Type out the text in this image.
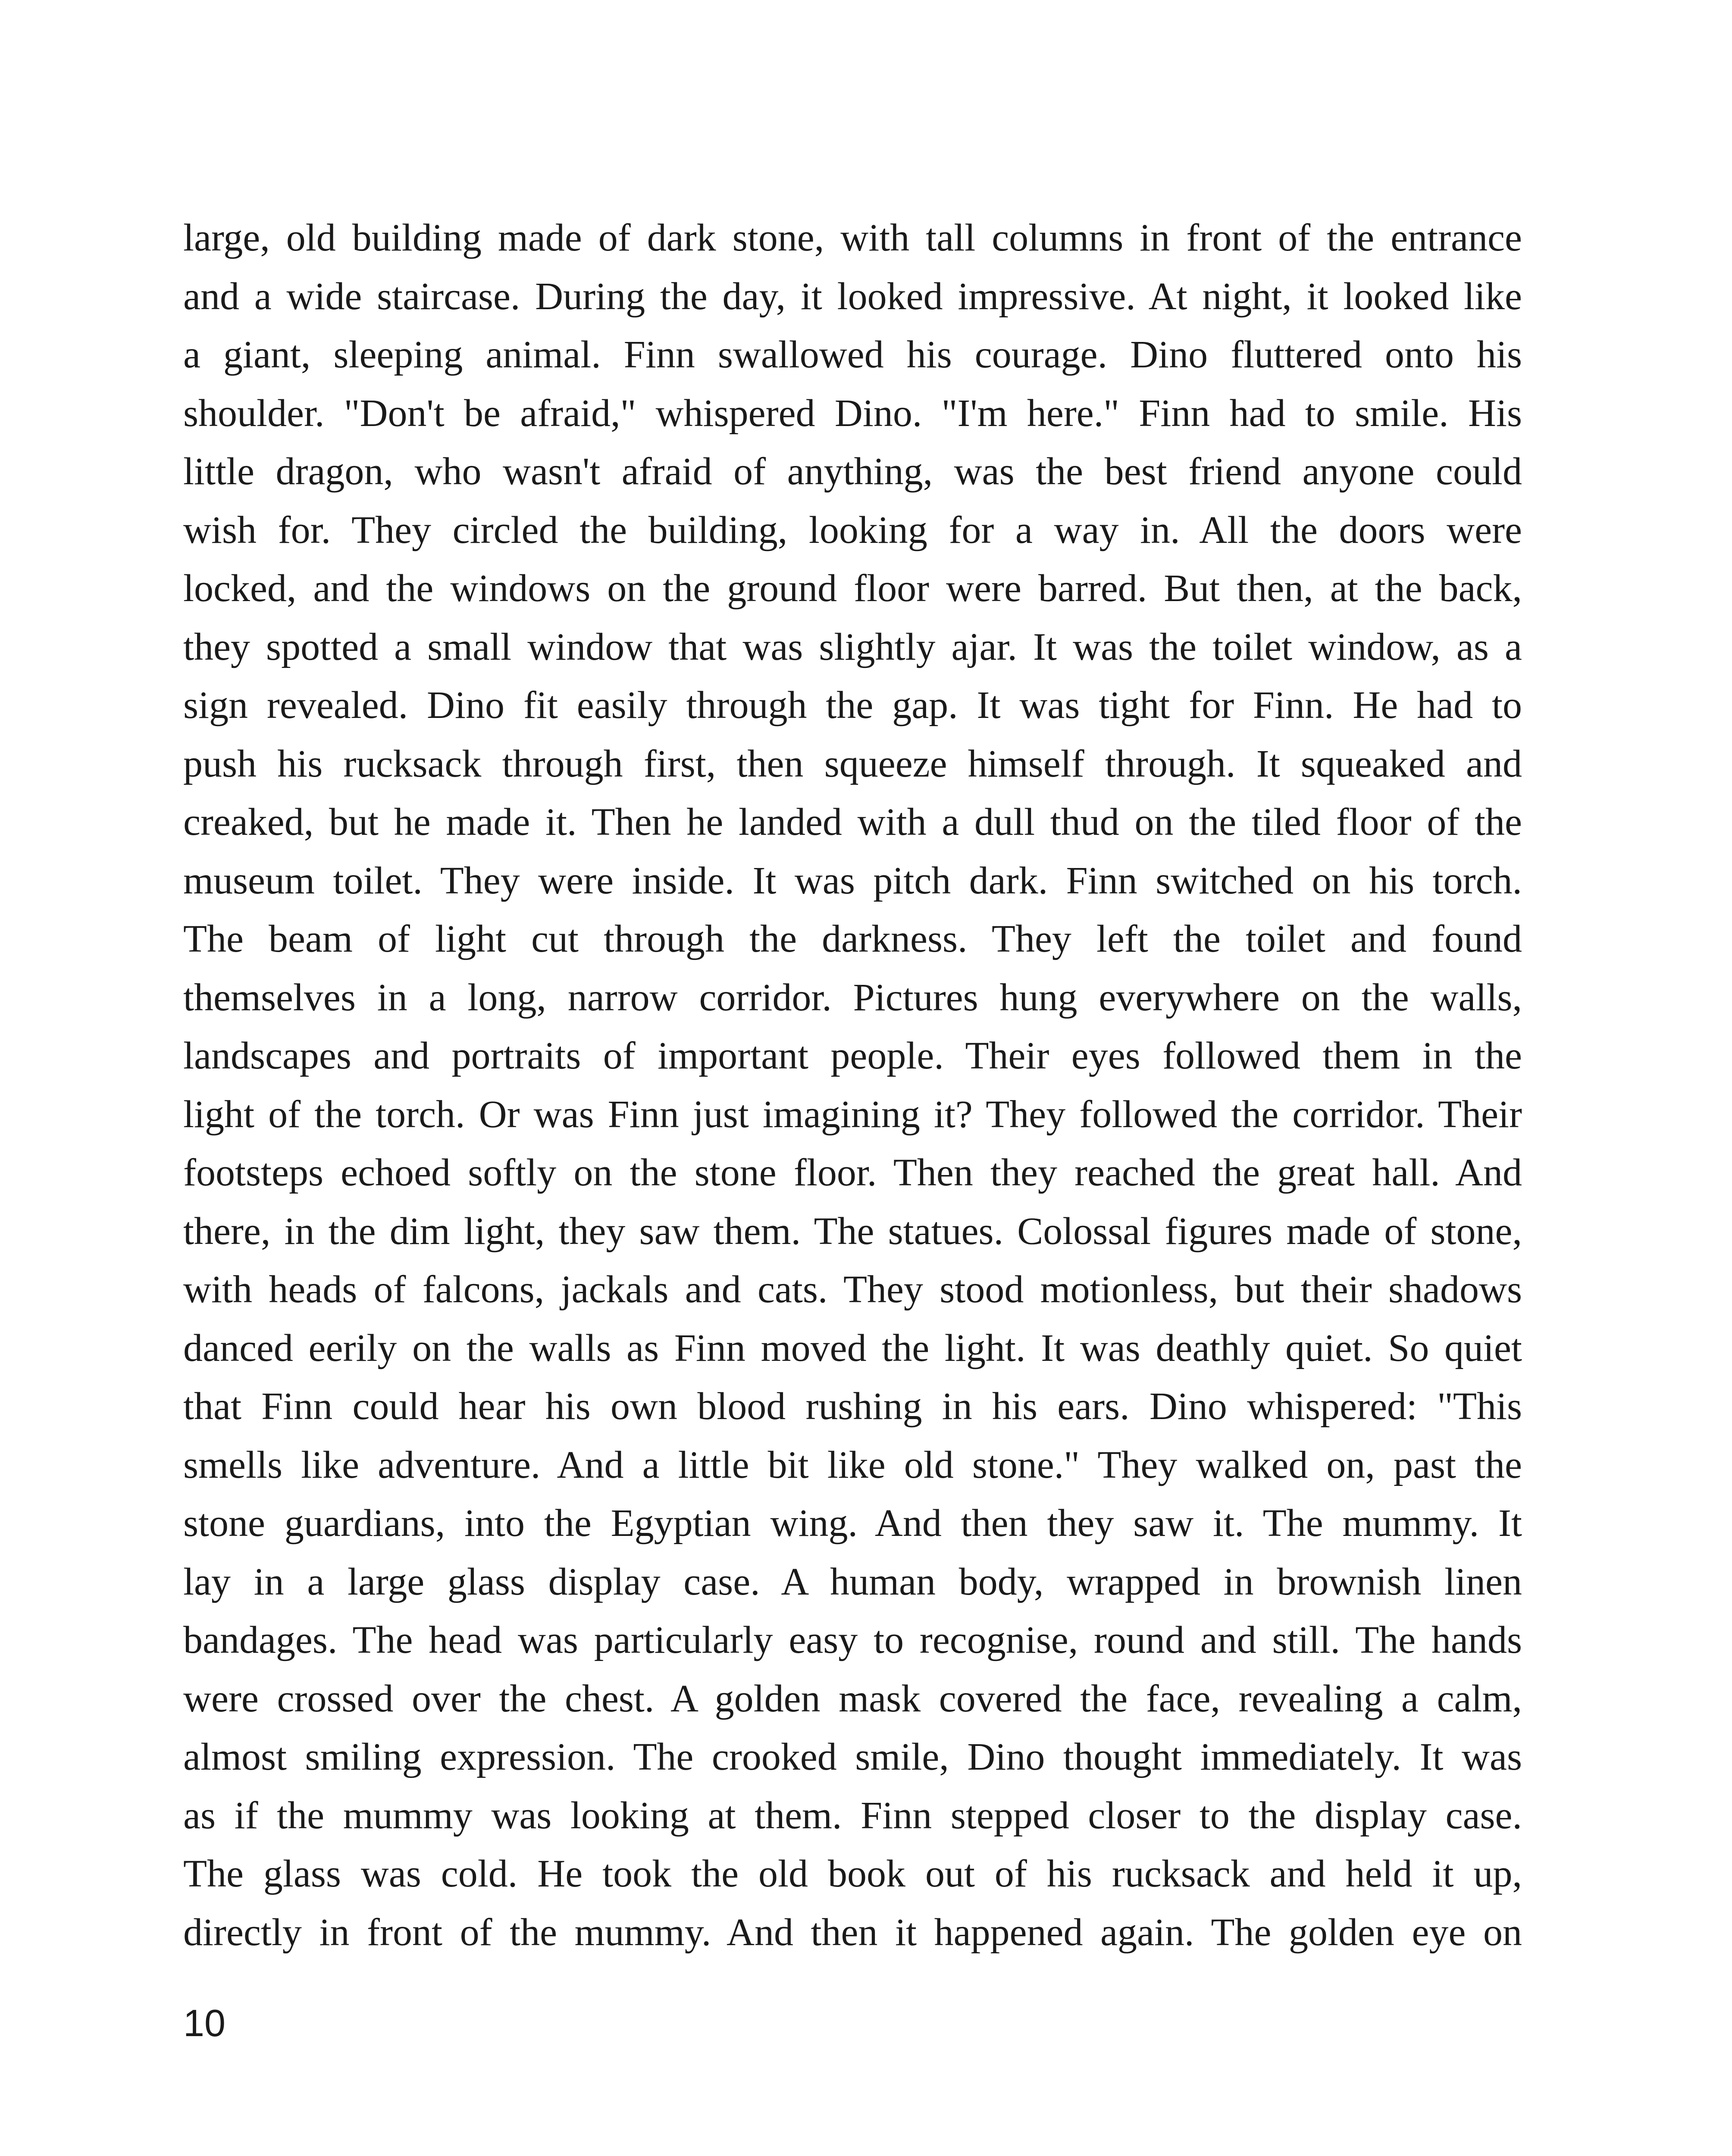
large, old building made of dark stone, with tall columns in front of the entrance
and a wide staircase. During the day, it looked impressive. At night, it looked like
a giant, sleeping animal. Finn swallowed his courage. Dino fluttered onto his
shoulder. "Don't be afraid," whispered Dino. "I'm here." Finn had to smile. His
little dragon, who wasn't afraid of anything, was the best friend anyone could
wish for. They circled the building, looking for a way in. All the doors were
locked, and the windows on the ground floor were barred. But then, at the back,
they spotted a small window that was slightly ajar. It was the toilet window, as a
sign revealed. Dino fit easily through the gap. It was tight for Finn. He had to
push his rucksack through first, then squeeze himself through. It squeaked and
creaked, but he made it. Then he landed with a dull thud on the tiled floor of the
museum toilet. They were inside. It was pitch dark. Finn switched on his torch.
The beam of light cut through the darkness. They left the toilet and found
themselves in a long, narrow corridor. Pictures hung everywhere on the walls,
landscapes and portraits of important people. Their eyes followed them in the
light of the torch. Or was Finn just imagining it? They followed the corridor. Their
footsteps echoed softly on the stone floor. Then they reached the great hall. And
there, in the dim light, they saw them. The statues. Colossal figures made of stone,
with heads of falcons, jackals and cats. They stood motionless, but their shadows
danced eerily on the walls as Finn moved the light. It was deathly quiet. So quiet
that Finn could hear his own blood rushing in his ears. Dino whispered: "This
smells like adventure. And a little bit like old stone." They walked on, past the
stone guardians, into the Egyptian wing. And then they saw it. The mummy. It
lay in a large glass display case. A human body, wrapped in brownish linen
bandages. The head was particularly easy to recognise, round and still. The hands
were crossed over the chest. A golden mask covered the face, revealing a calm,
almost smiling expression. The crooked smile, Dino thought immediately. It was
as if the mummy was looking at them. Finn stepped closer to the display case.
The glass was cold. He took the old book out of his rucksack and held it up,
directly in front of the mummy. And then it happened again. The golden eye on
10
